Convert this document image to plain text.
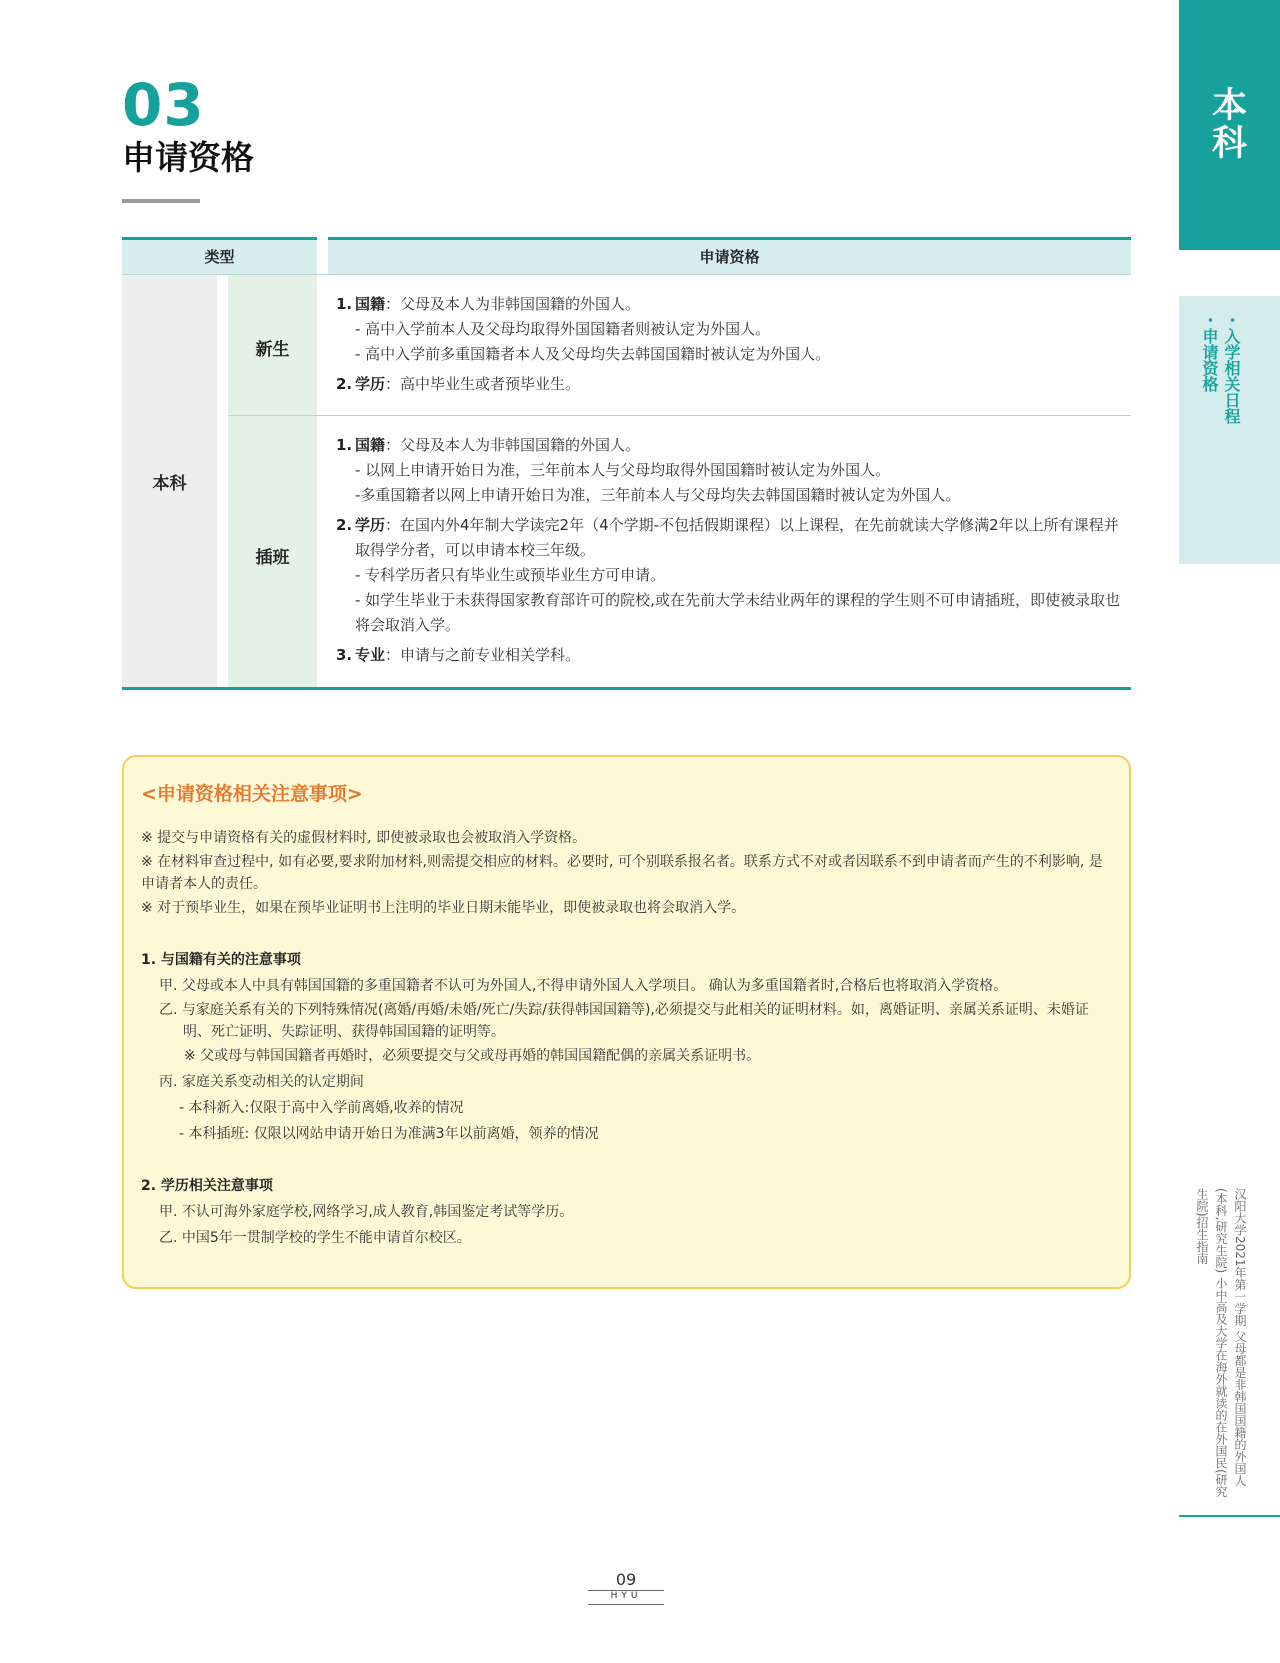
03
申请资格
本
科
・入学相关日程
・申请资格
类型	申请资格
本科
新生
插班
1. 国籍：父母及本人为非韩国国籍的外国人。
- 高中入学前本人及父母均取得外国国籍者则被认定为外国人。
- 高中入学前多重国籍者本人及父母均失去韩国国籍时被认定为外国人。
2. 学历：高中毕业生或者预毕业生。
1. 国籍：父母及本人为非韩国国籍的外国人。
- 以网上申请开始日为准，三年前本人与父母均取得外国国籍时被认定为外国人。
-多重国籍者以网上申请开始日为准，三年前本人与父母均失去韩国国籍时被认定为外国人。
2. 学历：在国内外4年制大学读完2年（4个学期-不包括假期课程）以上课程，在先前就读大学修满2年以上所有课程并取得学分者，可以申请本校三年级。
- 专科学历者只有毕业生或预毕业生方可申请。
- 如学生毕业于未获得国家教育部许可的院校,或在先前大学未结业两年的课程的学生则不可申请插班，即使被录取也将会取消入学。
3. 专业：申请与之前专业相关学科。
<申请资格相关注意事项>
※ 提交与申请资格有关的虚假材料时, 即使被录取也会被取消入学资格。
※ 在材料审查过程中, 如有必要,要求附加材料,则需提交相应的材料。必要时, 可个别联系报名者。联系方式不对或者因联系不到申请者而产生的不利影响, 是申请者本人的责任。
※ 对于预毕业生，如果在预毕业证明书上注明的毕业日期未能毕业，即使被录取也将会取消入学。
1. 与国籍有关的注意事项
甲. 父母或本人中具有韩国国籍的多重国籍者不认可为外国人,不得申请外国人入学项目。 确认为多重国籍者时,合格后也将取消入学资格。
乙. 与家庭关系有关的下列特殊情况(离婚/再婚/未婚/死亡/失踪/获得韩国国籍等),必须提交与此相关的证明材料。如，离婚证明、亲属关系证明、未婚证明、死亡证明、失踪证明、获得韩国国籍的证明等。
※ 父或母与韩国国籍者再婚时，必须要提交与父或母再婚的韩国国籍配偶的亲属关系证明书。
丙. 家庭关系变动相关的认定期间
- 本科新入:仅限于高中入学前离婚,收养的情况
- 本科插班: 仅限以网站申请开始日为准满3年以前离婚，领养的情况
2. 学历相关注意事项
甲. 不认可海外家庭学校,网络学习,成人教育,韩国鉴定考试等学历。
乙. 中国5年一贯制学校的学生不能申请首尔校区。	汉阳大学2021年第一学期 父母都是非韩国国籍的外国人(本科,研究生院) 小中高及大学在海外就读的在外国民(研究生院)招生指南
09
HYU
